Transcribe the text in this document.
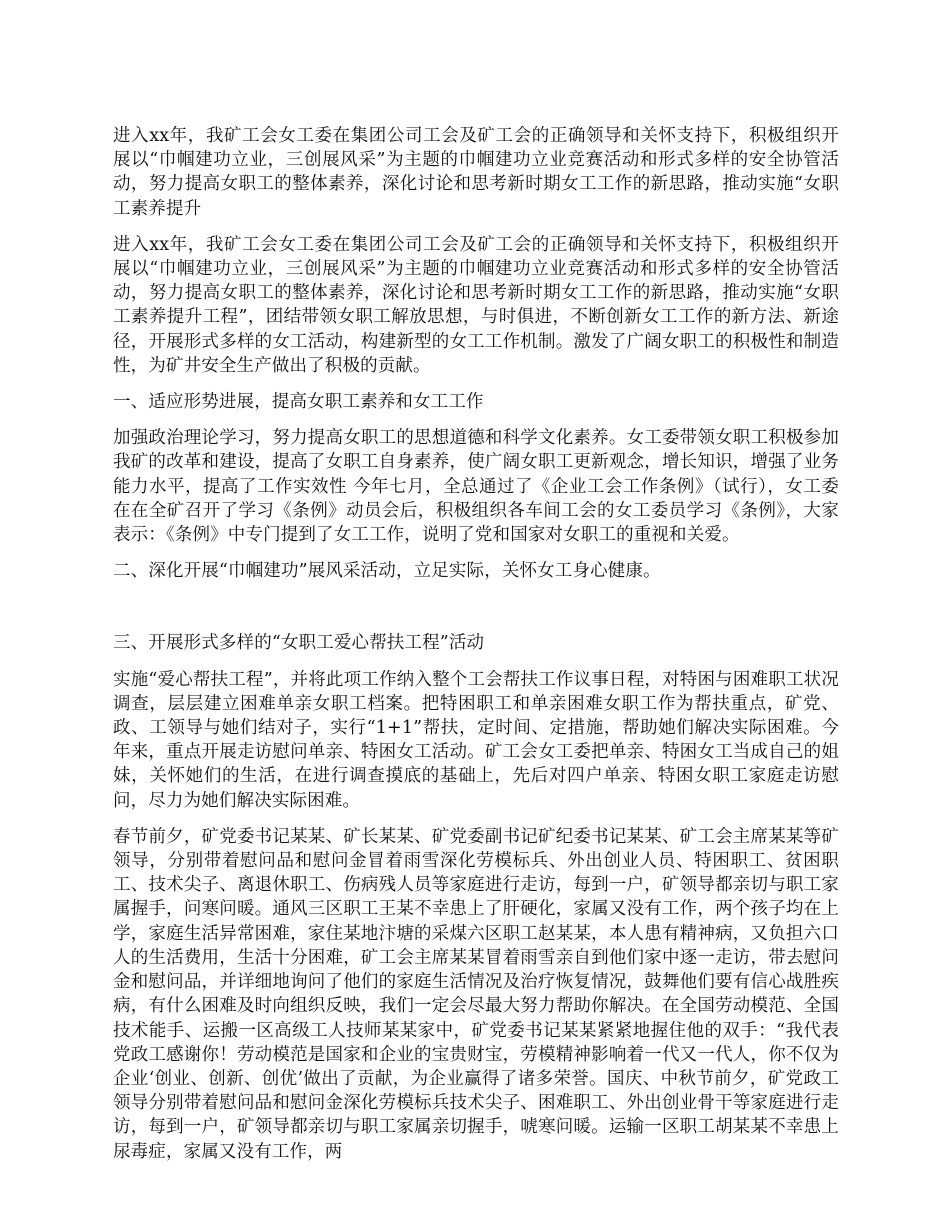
进入xx年，我矿工会女工委在集团公司工会及矿工会的正确领导和关怀支持下，积极组织开展以“巾帼建功立业，三创展风采”为主题的巾帼建功立业竞赛活动和形式多样的安全协管活动，努力提高女职工的整体素养，深化讨论和思考新时期女工工作的新思路，推动实施“女职工素养提升

进入xx年，我矿工会女工委在集团公司工会及矿工会的正确领导和关怀支持下，积极组织开展以“巾帼建功立业，三创展风采”为主题的巾帼建功立业竞赛活动和形式多样的安全协管活动，努力提高女职工的整体素养，深化讨论和思考新时期女工工作的新思路，推动实施“女职工素养提升工程”，团结带领女职工解放思想，与时俱进，不断创新女工工作的新方法、新途径，开展形式多样的女工活动，构建新型的女工工作机制。激发了广阔女职工的积极性和制造性，为矿井安全生产做出了积极的贡献。

一、适应形势进展，提高女职工素养和女工工作

加强政治理论学习，努力提高女职工的思想道德和科学文化素养。女工委带领女职工积极参加我矿的改革和建设，提高了女职工自身素养，使广阔女职工更新观念，增长知识，增强了业务能力水平，提高了工作实效性 今年七月，全总通过了《企业工会工作条例》（试行），女工委在在全矿召开了学习《条例》动员会后，积极组织各车间工会的女工委员学习《条例》，大家表示：《条例》中专门提到了女工工作，说明了党和国家对女职工的重视和关爱。

二、深化开展“巾帼建功”展风采活动，立足实际，关怀女工身心健康。

三、开展形式多样的“女职工爱心帮扶工程”活动

实施“爱心帮扶工程”，并将此项工作纳入整个工会帮扶工作议事日程，对特困与困难职工状况调查，层层建立困难单亲女职工档案。把特困职工和单亲困难女职工作为帮扶重点，矿党、政、工领导与她们结对子，实行“1+1”帮扶，定时间、定措施，帮助她们解决实际困难。今年来，重点开展走访慰问单亲、特困女工活动。矿工会女工委把单亲、特困女工当成自己的姐妹，关怀她们的生活，在进行调查摸底的基础上，先后对四户单亲、特困女职工家庭走访慰问，尽力为她们解决实际困难。

春节前夕，矿党委书记某某、矿长某某、矿党委副书记矿纪委书记某某、矿工会主席某某等矿领导，分别带着慰问品和慰问金冒着雨雪深化劳模标兵、外出创业人员、特困职工、贫困职工、技术尖子、离退休职工、伤病残人员等家庭进行走访，每到一户，矿领导都亲切与职工家属握手，问寒问暖。通风三区职工王某不幸患上了肝硬化，家属又没有工作，两个孩子均在上学，家庭生活异常困难，家住某地汴塘的采煤六区职工赵某某，本人患有精神病，又负担六口人的生活费用，生活十分困难，矿工会主席某某冒着雨雪亲自到他们家中逐一走访，带去慰问金和慰问品，并详细地询问了他们的家庭生活情况及治疗恢复情况，鼓舞他们要有信心战胜疾病，有什么困难及时向组织反映，我们一定会尽最大努力帮助你解决。在全国劳动模范、全国技术能手、运搬一区高级工人技师某某家中，矿党委书记某某紧紧地握住他的双手：“我代表党政工感谢你！劳动模范是国家和企业的宝贵财宝，劳模精神影响着一代又一代人，你不仅为企业‘创业、创新、创优’做出了贡献，为企业赢得了诸多荣誉。国庆、中秋节前夕，矿党政工领导分别带着慰问品和慰问金深化劳模标兵技术尖子、困难职工、外出创业骨干等家庭进行走访，每到一户，矿领导都亲切与职工家属亲切握手，唬寒问暖。运输一区职工胡某某不幸患上尿毒症，家属又没有工作，两
